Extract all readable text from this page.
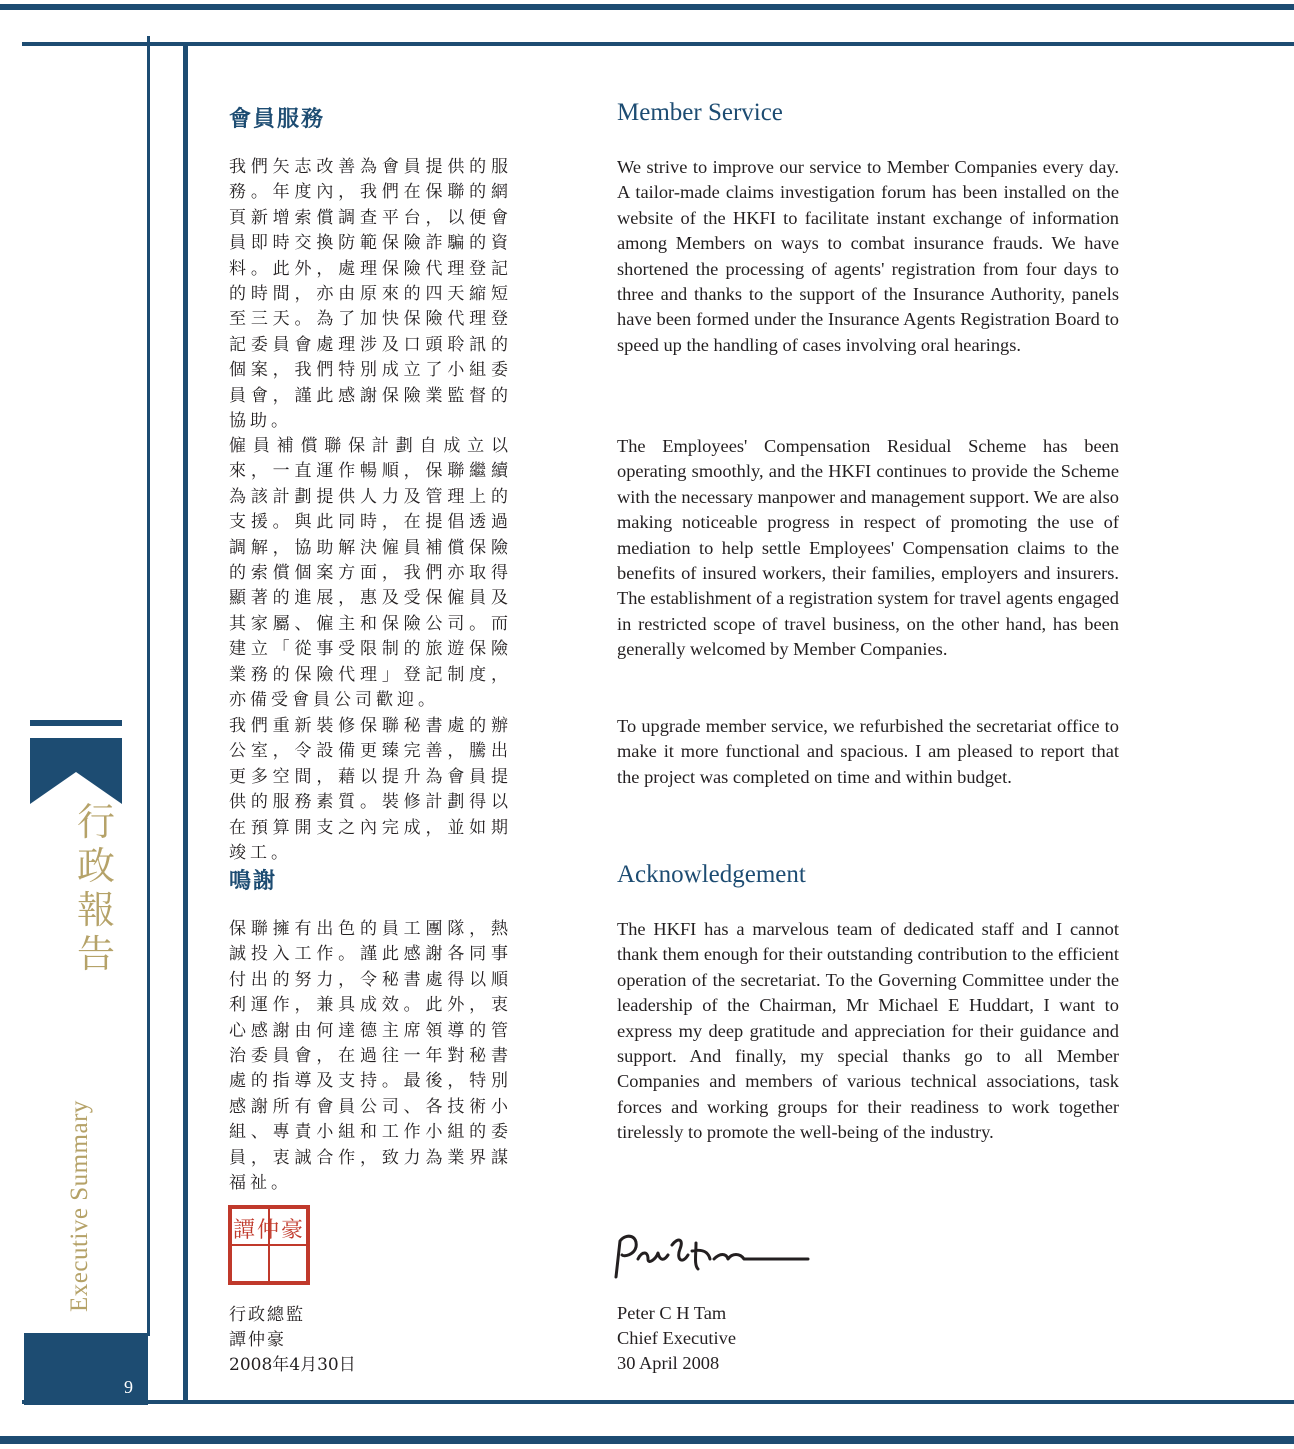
行
政
報
告
Executive Summary
9
會員服務

我們矢志改善為會員提供的服務。年度內，我們在保聯的網頁新增索償調查平台，以便會員即時交換防範保險詐騙的資料。此外，處理保險代理登記的時間，亦由原來的四天縮短至三天。為了加快保險代理登記委員會處理涉及口頭聆訊的個案，我們特別成立了小組委員會，謹此感謝保險業監督的協助。

僱員補償聯保計劃自成立以來，一直運作暢順，保聯繼續為該計劃提供人力及管理上的支援。與此同時，在提倡透過調解，協助解決僱員補償保險的索償個案方面，我們亦取得顯著的進展，惠及受保僱員及其家屬、僱主和保險公司。而建立「從事受限制的旅遊保險業務的保險代理」登記制度，亦備受會員公司歡迎。

我們重新裝修保聯秘書處的辦公室，令設備更臻完善，騰出更多空間，藉以提升為會員提供的服務素質。裝修計劃得以在預算開支之內完成，並如期竣工。

鳴謝

保聯擁有出色的員工團隊，熱誠投入工作。謹此感謝各同事付出的努力，令秘書處得以順利運作，兼具成效。此外，衷心感謝由何達德主席領導的管治委員會，在過往一年對秘書處的指導及支持。最後，特別感謝所有會員公司、各技術小組、專責小組和工作小組的委員，衷誠合作，致力為業界謀福祉。

譚仲豪

行政總監

譚仲豪

2008年4月30日

Member Service

We strive to improve our service to Member Companies every day. A tailor-made claims investigation forum has been installed on the website of the HKFI to facilitate instant exchange of information among Members on ways to combat insurance frauds. We have shortened the processing of agents' registration from four days to three and thanks to the support of the Insurance Authority, panels have been formed under the Insurance Agents Registration Board to speed up the handling of cases involving oral hearings.

The Employees' Compensation Residual Scheme has been operating smoothly, and the HKFI continues to provide the Scheme with the necessary manpower and management support. We are also making noticeable progress in respect of promoting the use of mediation to help settle Employees' Compensation claims to the benefits of insured workers, their families, employers and insurers. The establishment of a registration system for travel agents engaged in restricted scope of travel business, on the other hand, has been generally welcomed by Member Companies.

To upgrade member service, we refurbished the secretariat office to make it more functional and spacious. I am pleased to report that the project was completed on time and within budget.

Acknowledgement

The HKFI has a marvelous team of dedicated staff and I cannot thank them enough for their outstanding contribution to the efficient operation of the secretariat. To the Governing Committee under the leadership of the Chairman, Mr Michael E Huddart, I want to express my deep gratitude and appreciation for their guidance and support. And finally, my special thanks go to all Member Companies and members of various technical associations, task forces and working groups for their readiness to work together tirelessly to promote the well-being of the industry.

Peter C H Tam

Chief Executive

30 April 2008
